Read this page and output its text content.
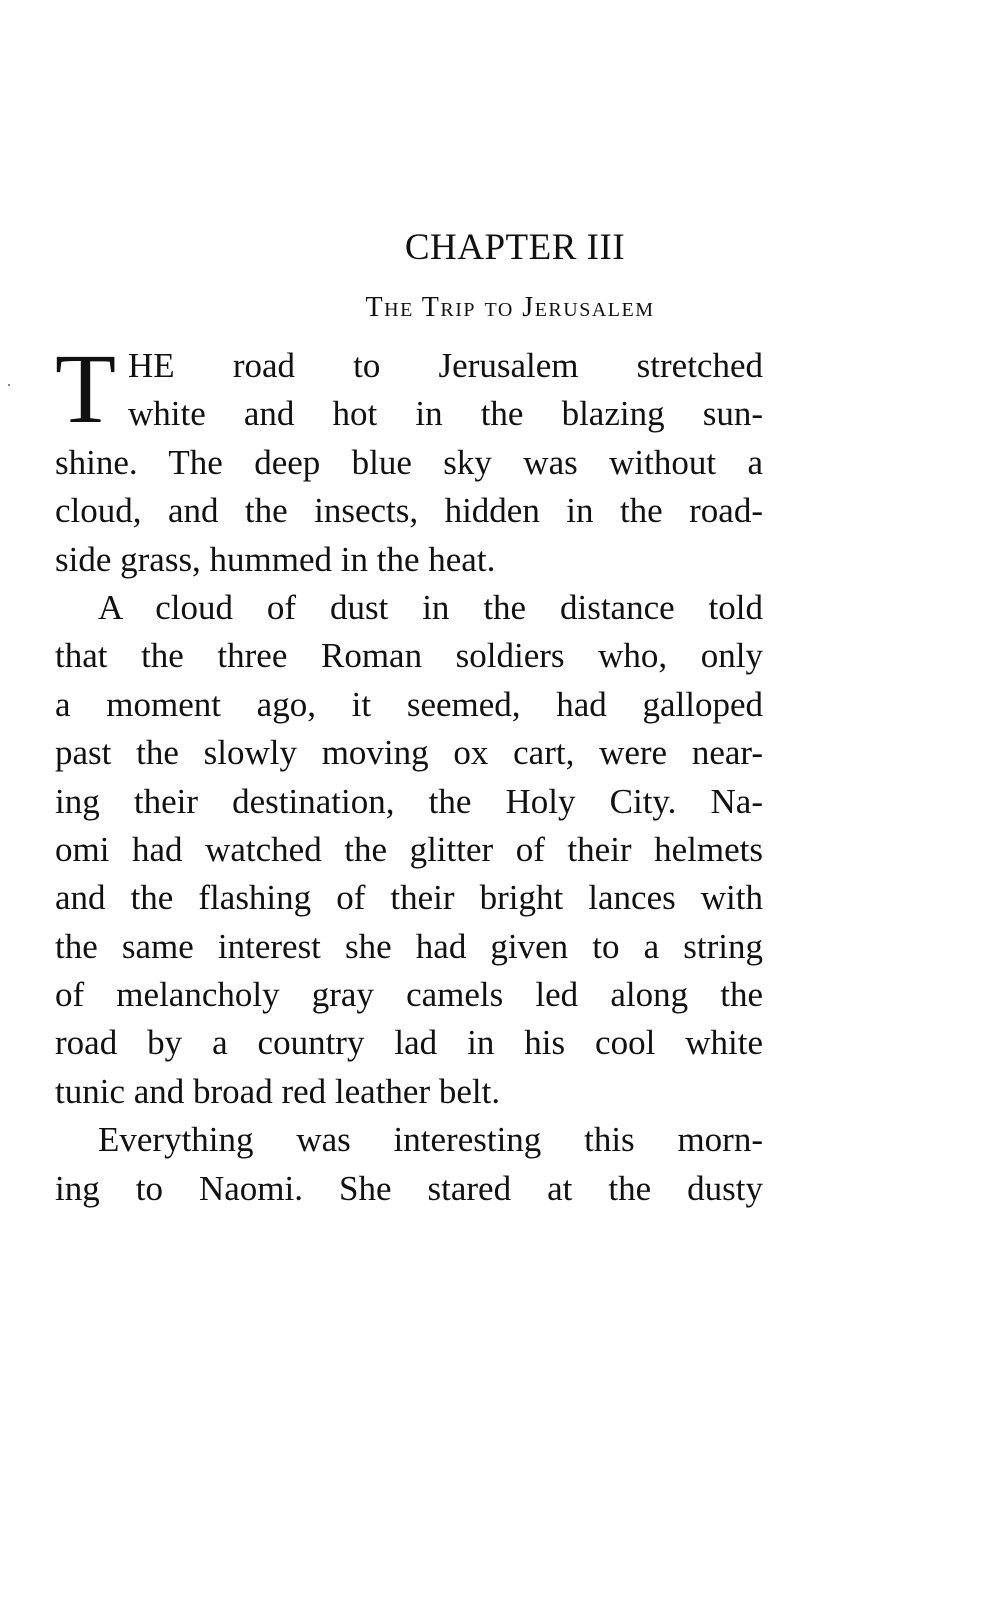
CHAPTER III
The Trip to Jerusalem
T HE road to Jerusalem stretched
white and hot in the blazing sun-
shine. The deep blue sky was without a
cloud, and the insects, hidden in the road-
side grass, hummed in the heat.
A cloud of dust in the distance told
that the three Roman soldiers who, only
a moment ago, it seemed, had galloped
past the slowly moving ox cart, were near-
ing their destination, the Holy City. Na-
omi had watched the glitter of their helmets
and the flashing of their bright lances with
the same interest she had given to a string
of melancholy gray camels led along the
road by a country lad in his cool white
tunic and broad red leather belt.
Everything was interesting this morn-
ing to Naomi. She stared at the dusty
